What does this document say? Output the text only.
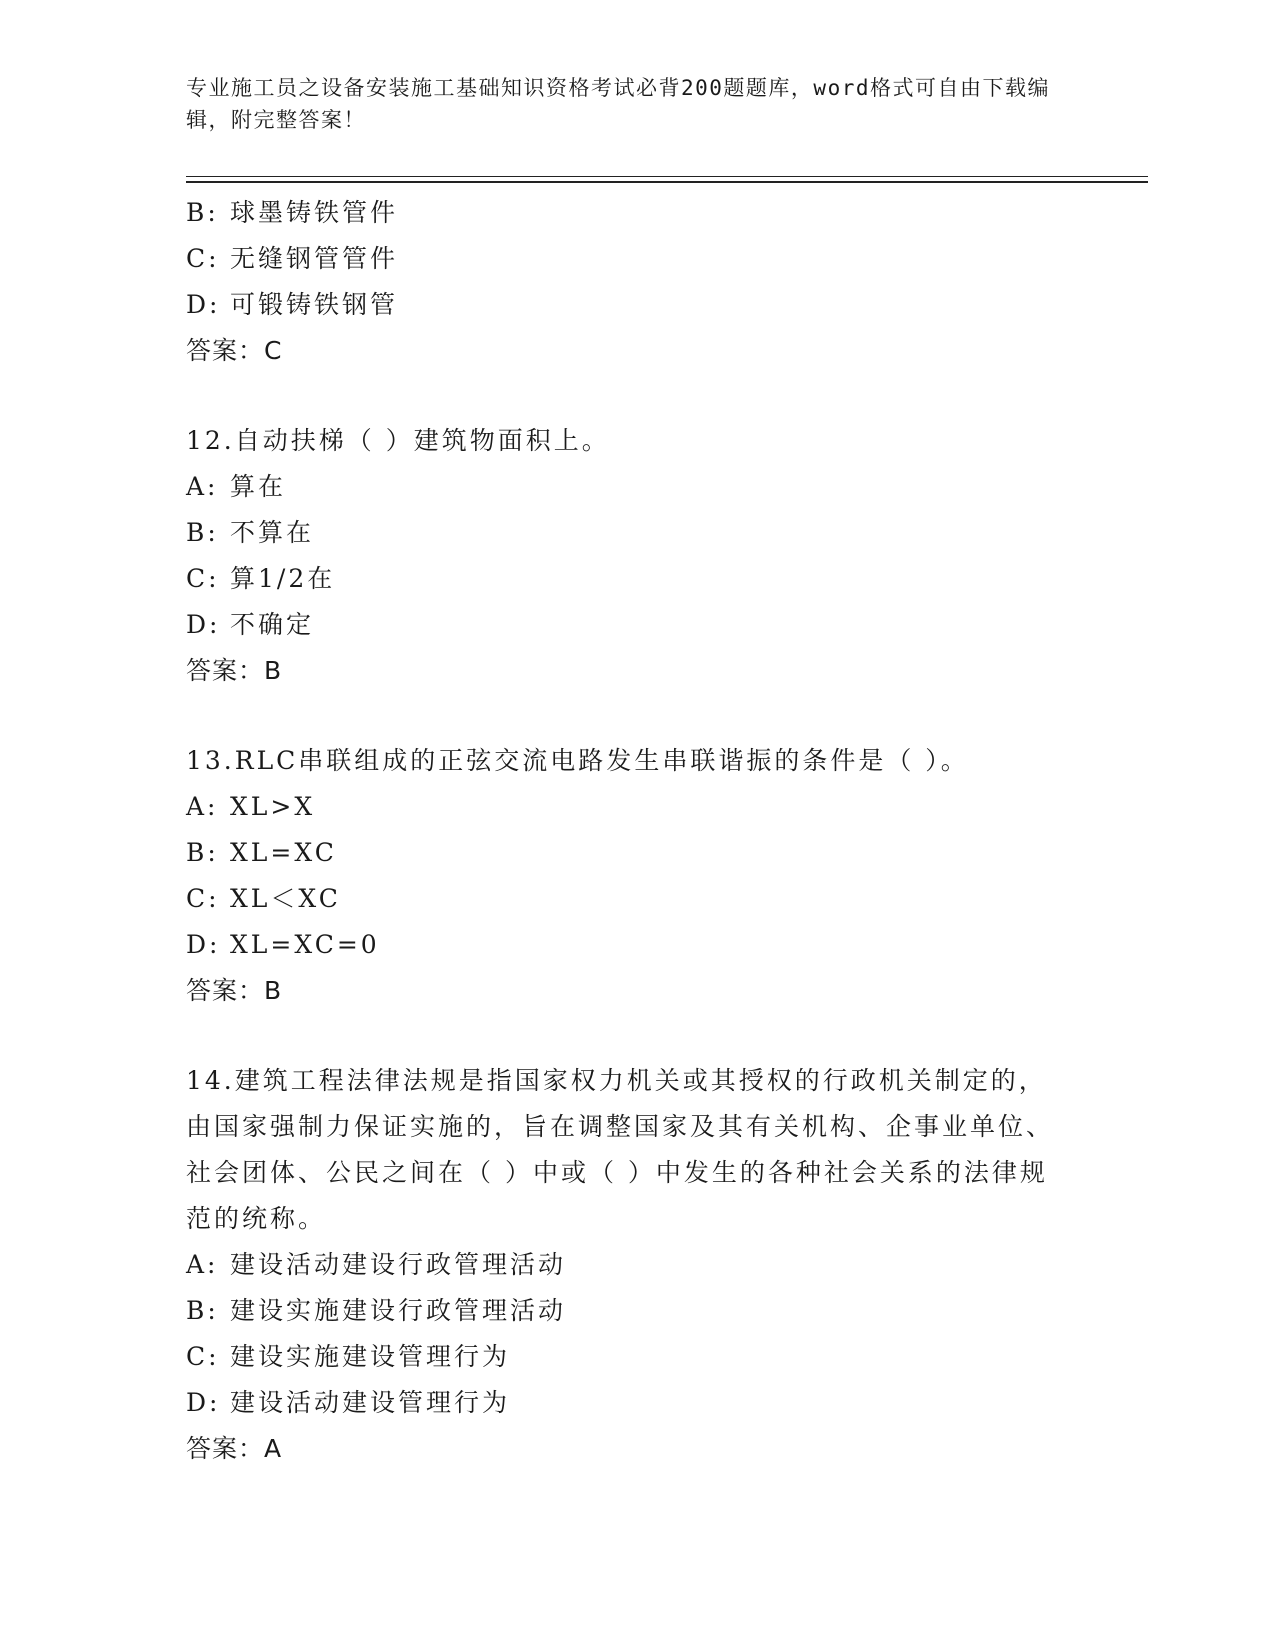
专业施工员之设备安装施工基础知识资格考试必背200题题库，word格式可自由下载编辑，附完整答案！
B: 球墨铸铁管件
C: 无缝钢管管件
D: 可锻铸铁钢管
答案：C
12.自动扶梯（ ）建筑物面积上。
A: 算在
B: 不算在
C: 算1/2在
D: 不确定
答案：B
13.RLC串联组成的正弦交流电路发生串联谐振的条件是（ ）。
A: XL>X
B: XL=XC
C: XL＜XC
D: XL=XC=0
答案：B
14.建筑工程法律法规是指国家权力机关或其授权的行政机关制定的，由国家强制力保证实施的，旨在调整国家及其有关机构、企事业单位、社会团体、公民之间在（ ）中或（ ）中发生的各种社会关系的法律规范的统称。
A: 建设活动建设行政管理活动
B: 建设实施建设行政管理活动
C: 建设实施建设管理行为
D: 建设活动建设管理行为
答案：A
